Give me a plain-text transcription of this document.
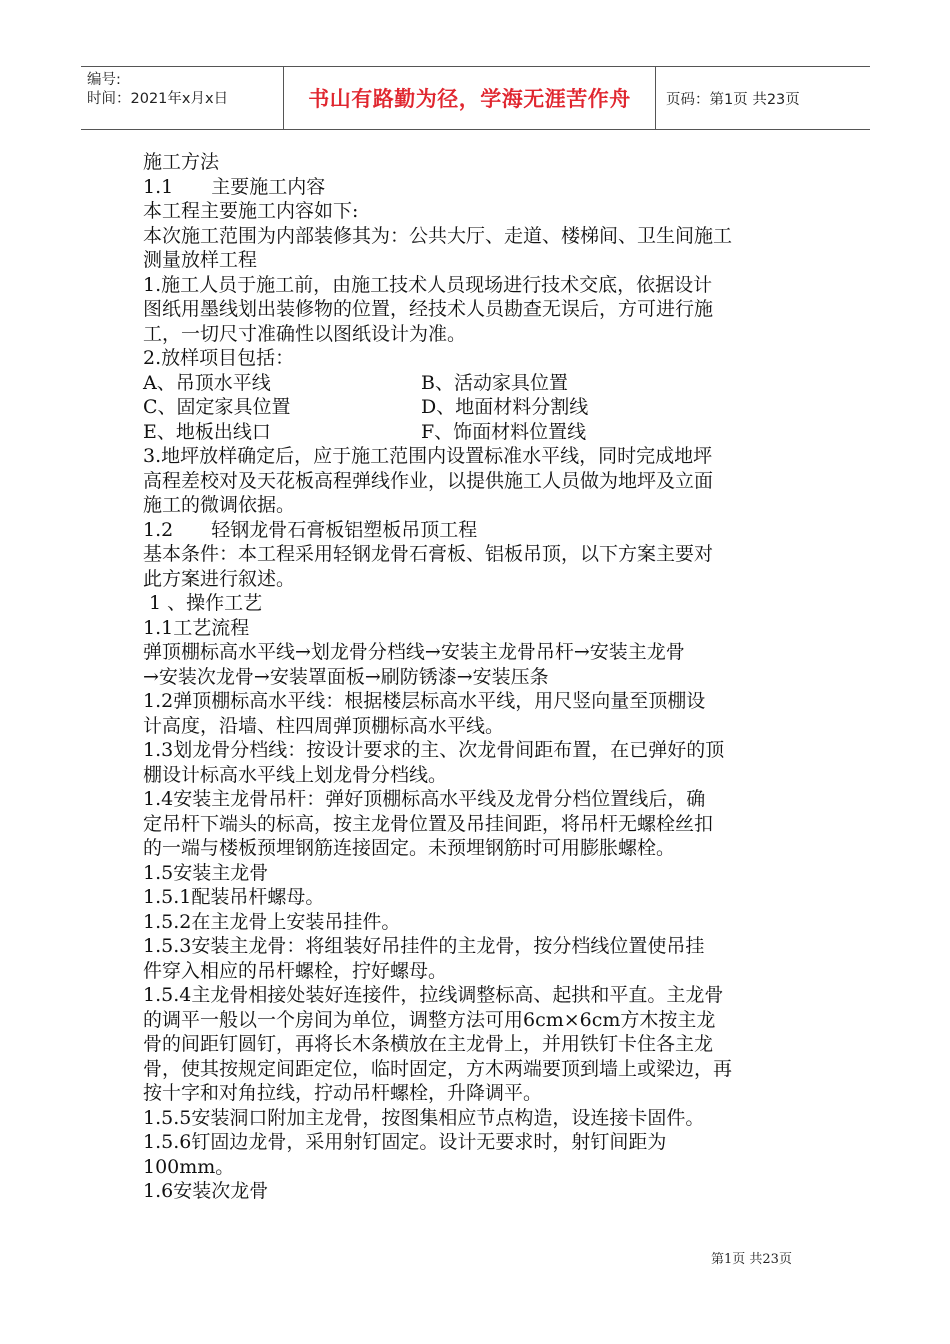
编号:
时间：2021年x月x日	书山有路勤为径，学海无涯苦作舟	页码：第1页 共23页

施工方法

1.1　　主要施工内容

本工程主要施工内容如下:

本次施工范围为内部装修其为：公共大厅、走道、楼梯间、卫生间施工

测量放样工程

1.施工人员于施工前，由施工技术人员现场进行技术交底，依据设计

图纸用墨线划出装修物的位置，经技术人员勘查无误后，方可进行施

工，一切尺寸准确性以图纸设计为准。

2.放样项目包括：

A、吊顶水平线	B、活动家具位置
C、固定家具位置	D、地面材料分割线
E、地板出线口	F、饰面材料位置线

3.地坪放样确定后，应于施工范围内设置标准水平线，同时完成地坪

高程差校对及天花板高程弹线作业，以提供施工人员做为地坪及立面

施工的微调依据。

1.2　　轻钢龙骨石膏板铝塑板吊顶工程

基本条件：本工程采用轻钢龙骨石膏板、铝板吊顶，以下方案主要对

此方案进行叙述。

1 、操作工艺

1.1工艺流程

弹顶棚标高水平线→划龙骨分档线→安装主龙骨吊杆→安装主龙骨

→安装次龙骨→安装罩面板→刷防锈漆→安装压条

1.2弹顶棚标高水平线：根据楼层标高水平线，用尺竖向量至顶棚设

计高度，沿墙、柱四周弹顶棚标高水平线。

1.3划龙骨分档线：按设计要求的主、次龙骨间距布置，在已弹好的顶

棚设计标高水平线上划龙骨分档线。

1.4安装主龙骨吊杆：弹好顶棚标高水平线及龙骨分档位置线后，确

定吊杆下端头的标高，按主龙骨位置及吊挂间距，将吊杆无螺栓丝扣

的一端与楼板预埋钢筋连接固定。未预埋钢筋时可用膨胀螺栓。

1.5安装主龙骨

1.5.1配装吊杆螺母。

1.5.2在主龙骨上安装吊挂件。

1.5.3安装主龙骨：将组装好吊挂件的主龙骨，按分档线位置使吊挂

件穿入相应的吊杆螺栓，拧好螺母。

1.5.4主龙骨相接处装好连接件，拉线调整标高、起拱和平直。主龙骨

的调平一般以一个房间为单位，调整方法可用6cm×6cm方木按主龙

骨的间距钉圆钉，再将长木条横放在主龙骨上，并用铁钉卡住各主龙

骨，使其按规定间距定位，临时固定，方木两端要顶到墙上或梁边，再

按十字和对角拉线，拧动吊杆螺栓，升降调平。

1.5.5安装洞口附加主龙骨，按图集相应节点构造，设连接卡固件。

1.5.6钉固边龙骨，采用射钉固定。设计无要求时，射钉间距为

100mm。

1.6安装次龙骨

第1页 共23页
